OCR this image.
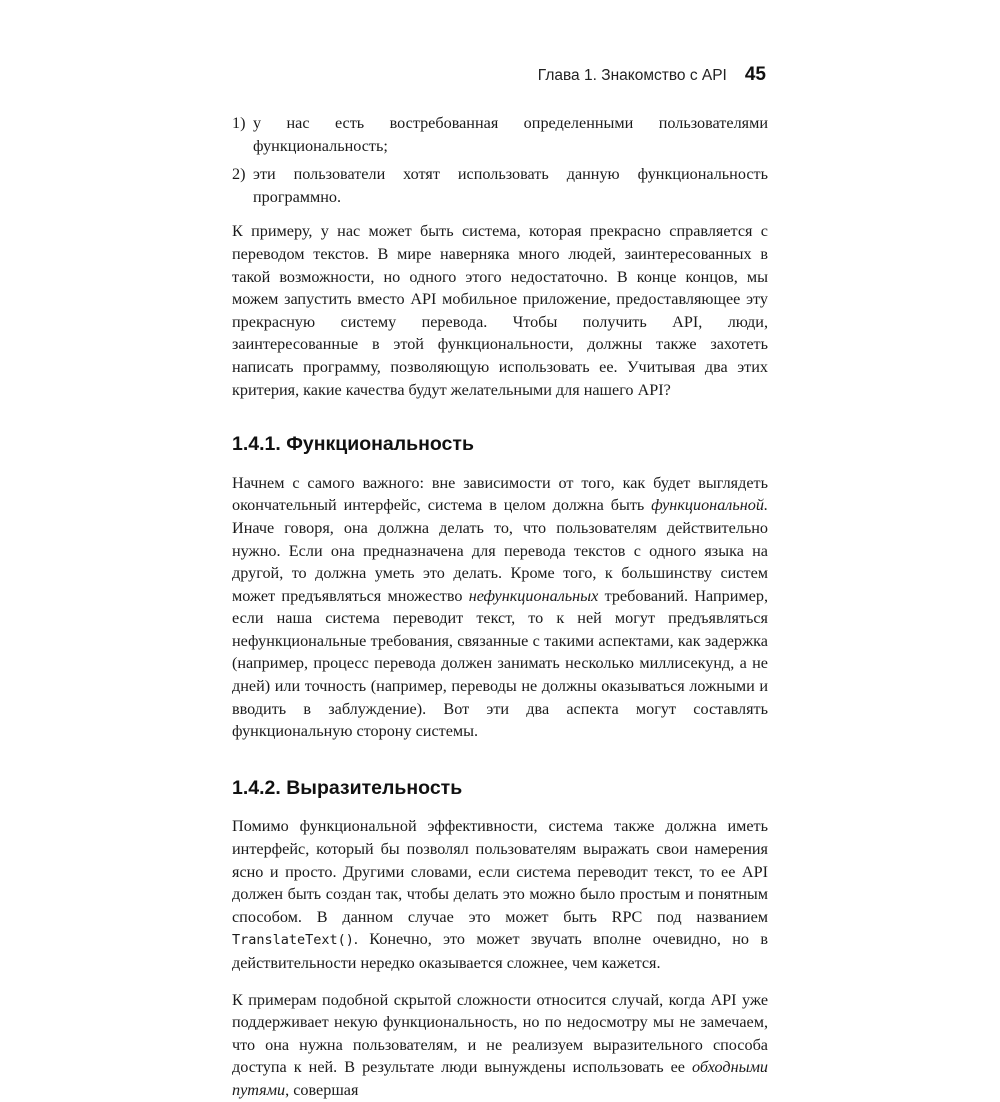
Глава 1. Знакомство с API 45
1) у нас есть востребованная определенными пользователями функциональность;
2) эти пользователи хотят использовать данную функциональность программно.

К примеру, у нас может быть система, которая прекрасно справляется с переводом текстов. В мире наверняка много людей, заинтересованных в такой возможности, но одного этого недостаточно. В конце концов, мы можем запустить вместо API мобильное приложение, предоставляющее эту прекрасную систему перевода. Чтобы получить API, люди, заинтересованные в этой функциональности, должны также захотеть написать программу, позволяющую использовать ее. Учитывая два этих критерия, какие качества будут желательными для нашего API?

1.4.1. Функциональность

Начнем с самого важного: вне зависимости от того, как будет выглядеть окончательный интерфейс, система в целом должна быть функциональной. Иначе говоря, она должна делать то, что пользователям действительно нужно. Если она предназначена для перевода текстов с одного языка на другой, то должна уметь это делать. Кроме того, к большинству систем может предъявляться множество нефункциональных требований. Например, если наша система переводит текст, то к ней могут предъявляться нефункциональные требования, связанные с такими аспектами, как задержка (например, процесс перевода должен занимать несколько миллисекунд, а не дней) или точность (например, переводы не должны оказываться ложными и вводить в заблуждение). Вот эти два аспекта могут составлять функциональную сторону системы.

1.4.2. Выразительность

Помимо функциональной эффективности, система также должна иметь интерфейс, который бы позволял пользователям выражать свои намерения ясно и просто. Другими словами, если система переводит текст, то ее API должен быть создан так, чтобы делать это можно было простым и понятным способом. В данном случае это может быть RPC под названием TranslateText(). Конечно, это может звучать вполне очевидно, но в действительности нередко оказывается сложнее, чем кажется.

К примерам подобной скрытой сложности относится случай, когда API уже поддерживает некую функциональность, но по недосмотру мы не замечаем, что она нужна пользователям, и не реализуем выразительного способа доступа к ней. В результате люди вынуждены использовать ее обходными путями, совершая
